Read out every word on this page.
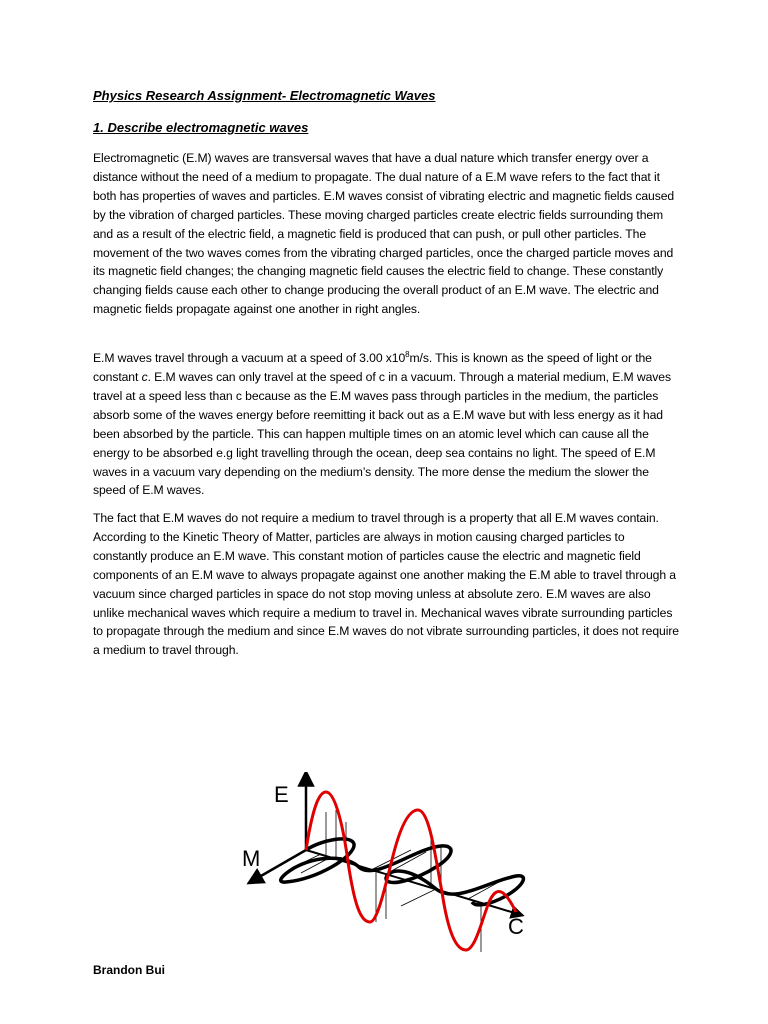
Physics Research Assignment- Electromagnetic Waves
1. Describe electromagnetic waves

Electromagnetic (E.M) waves are transversal waves that have a dual nature which transfer energy over a distance without the need of a medium to propagate. The dual nature of a E.M wave refers to the fact that it both has properties of waves and particles. E.M waves consist of vibrating electric and magnetic fields caused by the vibration of charged particles. These moving charged particles create electric fields surrounding them and as a result of the electric field, a magnetic field is produced that can push, or pull other particles. The movement of the two waves comes from the vibrating charged particles, once the charged particle moves and its magnetic field changes; the changing magnetic field causes the electric field to change. These constantly changing fields cause each other to change producing the overall product of an E.M wave. The electric and magnetic fields propagate against one another in right angles.

E.M waves travel through a vacuum at a speed of 3.00 $x10^8m/s$. This is known as the speed of light or the constant c. E.M waves can only travel at the speed of c in a vacuum. Through a material medium, E.M waves travel at a speed less than c because as the E.M waves pass through particles in the medium, the particles absorb some of the waves energy before reemitting it back out as a E.M wave but with less energy as it had been absorbed by the particle. This can happen multiple times on an atomic level which can cause all the energy to be absorbed e.g light travelling through the ocean, deep sea contains no light. The speed of E.M waves in a vacuum vary depending on the medium’s density. The more dense the medium the slower the speed of E.M waves.

The fact that E.M waves do not require a medium to travel through is a property that all E.M waves contain. According to the Kinetic Theory of Matter, particles are always in motion causing charged particles to constantly produce an E.M wave. This constant motion of particles cause the electric and magnetic field components of an E.M wave to always propagate against one another making the E.M able to travel through a vacuum since charged particles in space do not stop moving unless at absolute zero. E.M waves are also unlike mechanical waves which require a medium to travel in. Mechanical waves vibrate surrounding particles to propagate through the medium and since E.M waves do not vibrate surrounding particles, it does not require a medium to travel through.

E
M
C
Brandon Bui
